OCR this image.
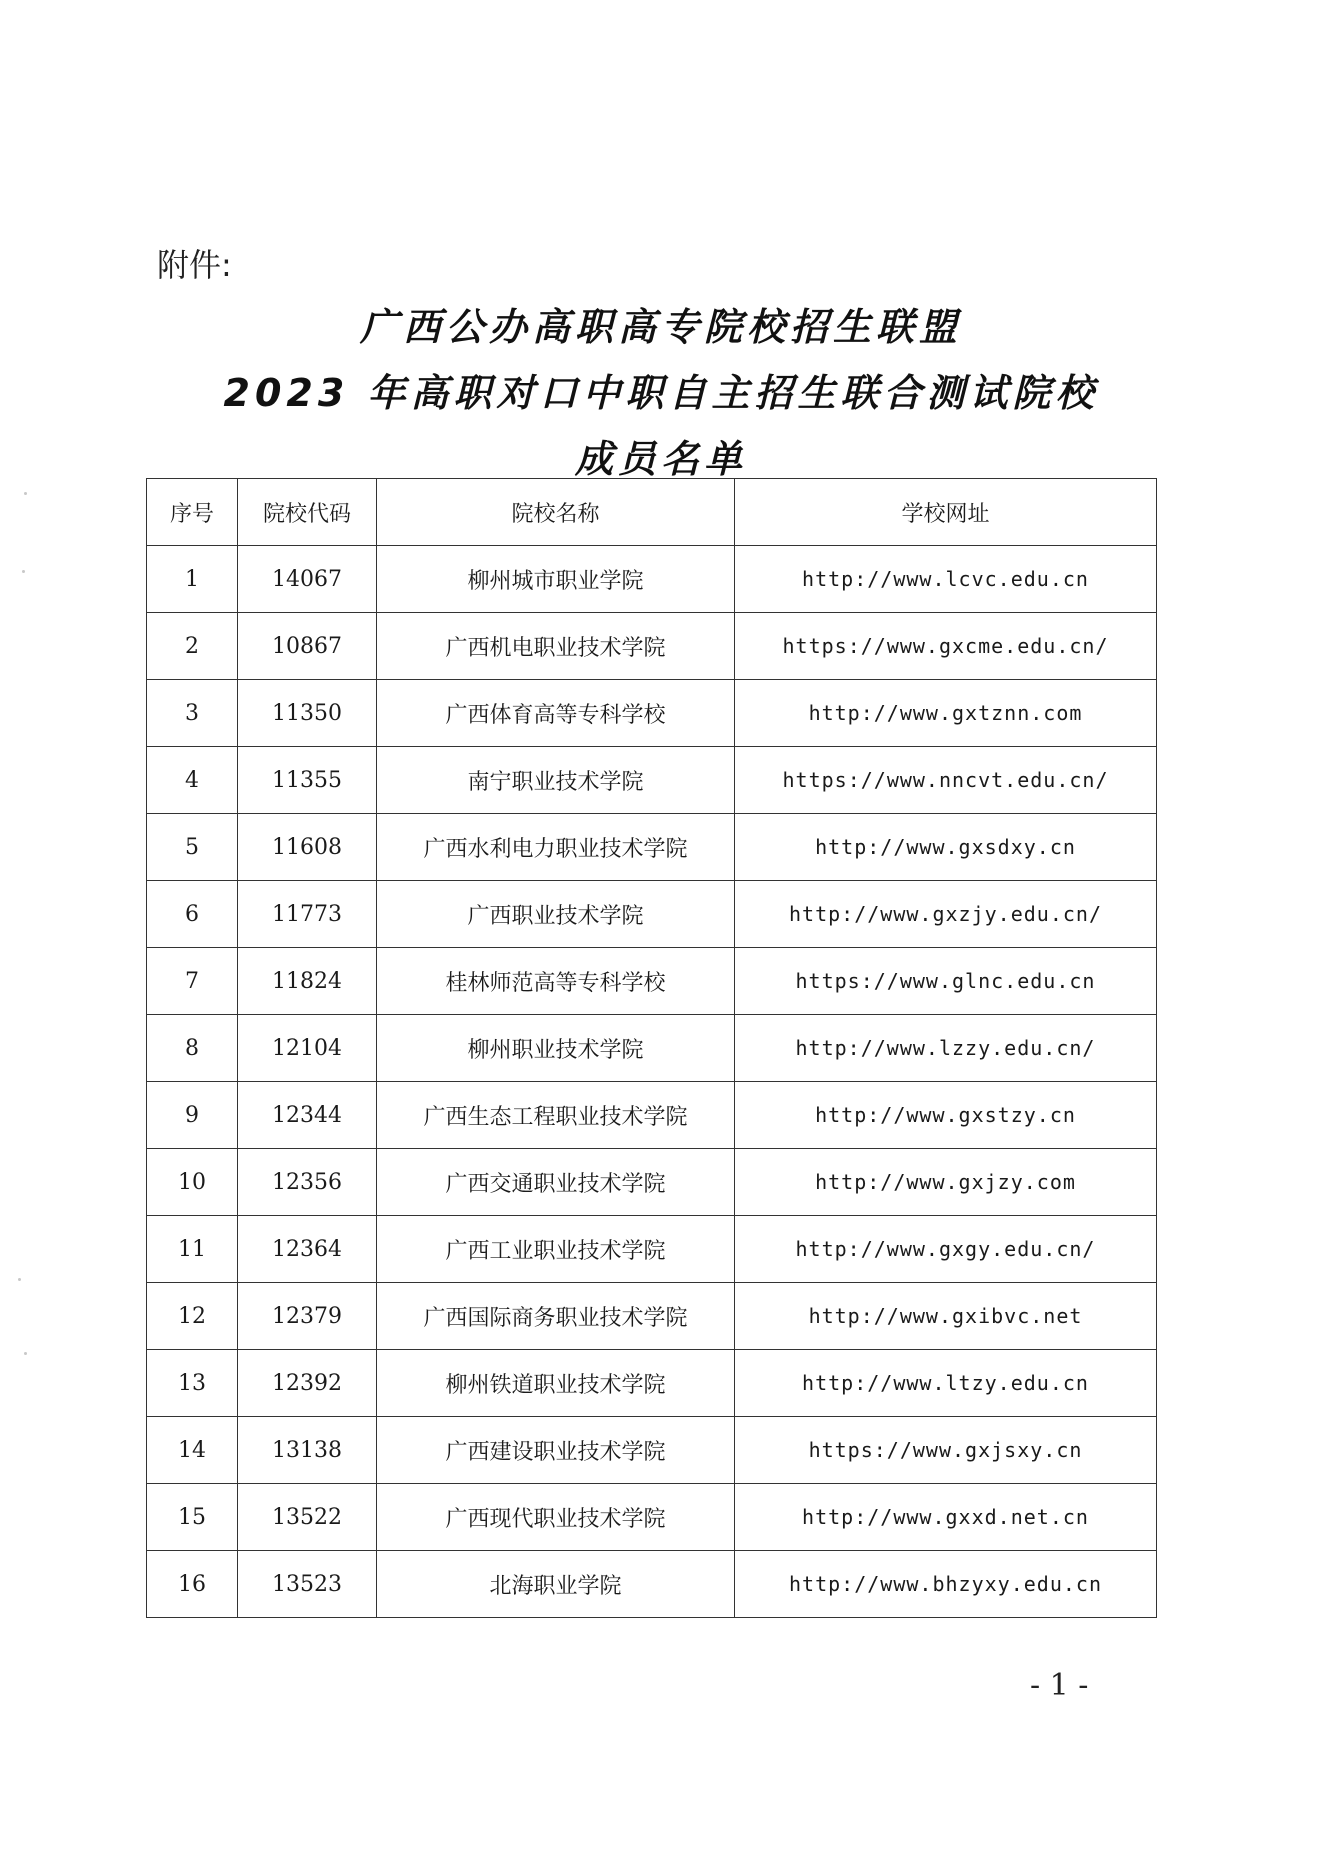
附件:
广西公办高职高专院校招生联盟
2023 年高职对口中职自主招生联合测试院校
成员名单
序号	院校代码	院校名称	学校网址
1	14067	柳州城市职业学院	http://www.lcvc.edu.cn
2	10867	广西机电职业技术学院	https://www.gxcme.edu.cn/
3	11350	广西体育高等专科学校	http://www.gxtznn.com
4	11355	南宁职业技术学院	https://www.nncvt.edu.cn/
5	11608	广西水利电力职业技术学院	http://www.gxsdxy.cn
6	11773	广西职业技术学院	http://www.gxzjy.edu.cn/
7	11824	桂林师范高等专科学校	https://www.glnc.edu.cn
8	12104	柳州职业技术学院	http://www.lzzy.edu.cn/
9	12344	广西生态工程职业技术学院	http://www.gxstzy.cn
10	12356	广西交通职业技术学院	http://www.gxjzy.com
11	12364	广西工业职业技术学院	http://www.gxgy.edu.cn/
12	12379	广西国际商务职业技术学院	http://www.gxibvc.net
13	12392	柳州铁道职业技术学院	http://www.ltzy.edu.cn
14	13138	广西建设职业技术学院	https://www.gxjsxy.cn
15	13522	广西现代职业技术学院	http://www.gxxd.net.cn
16	13523	北海职业学院	http://www.bhzyxy.edu.cn
- 1 -
